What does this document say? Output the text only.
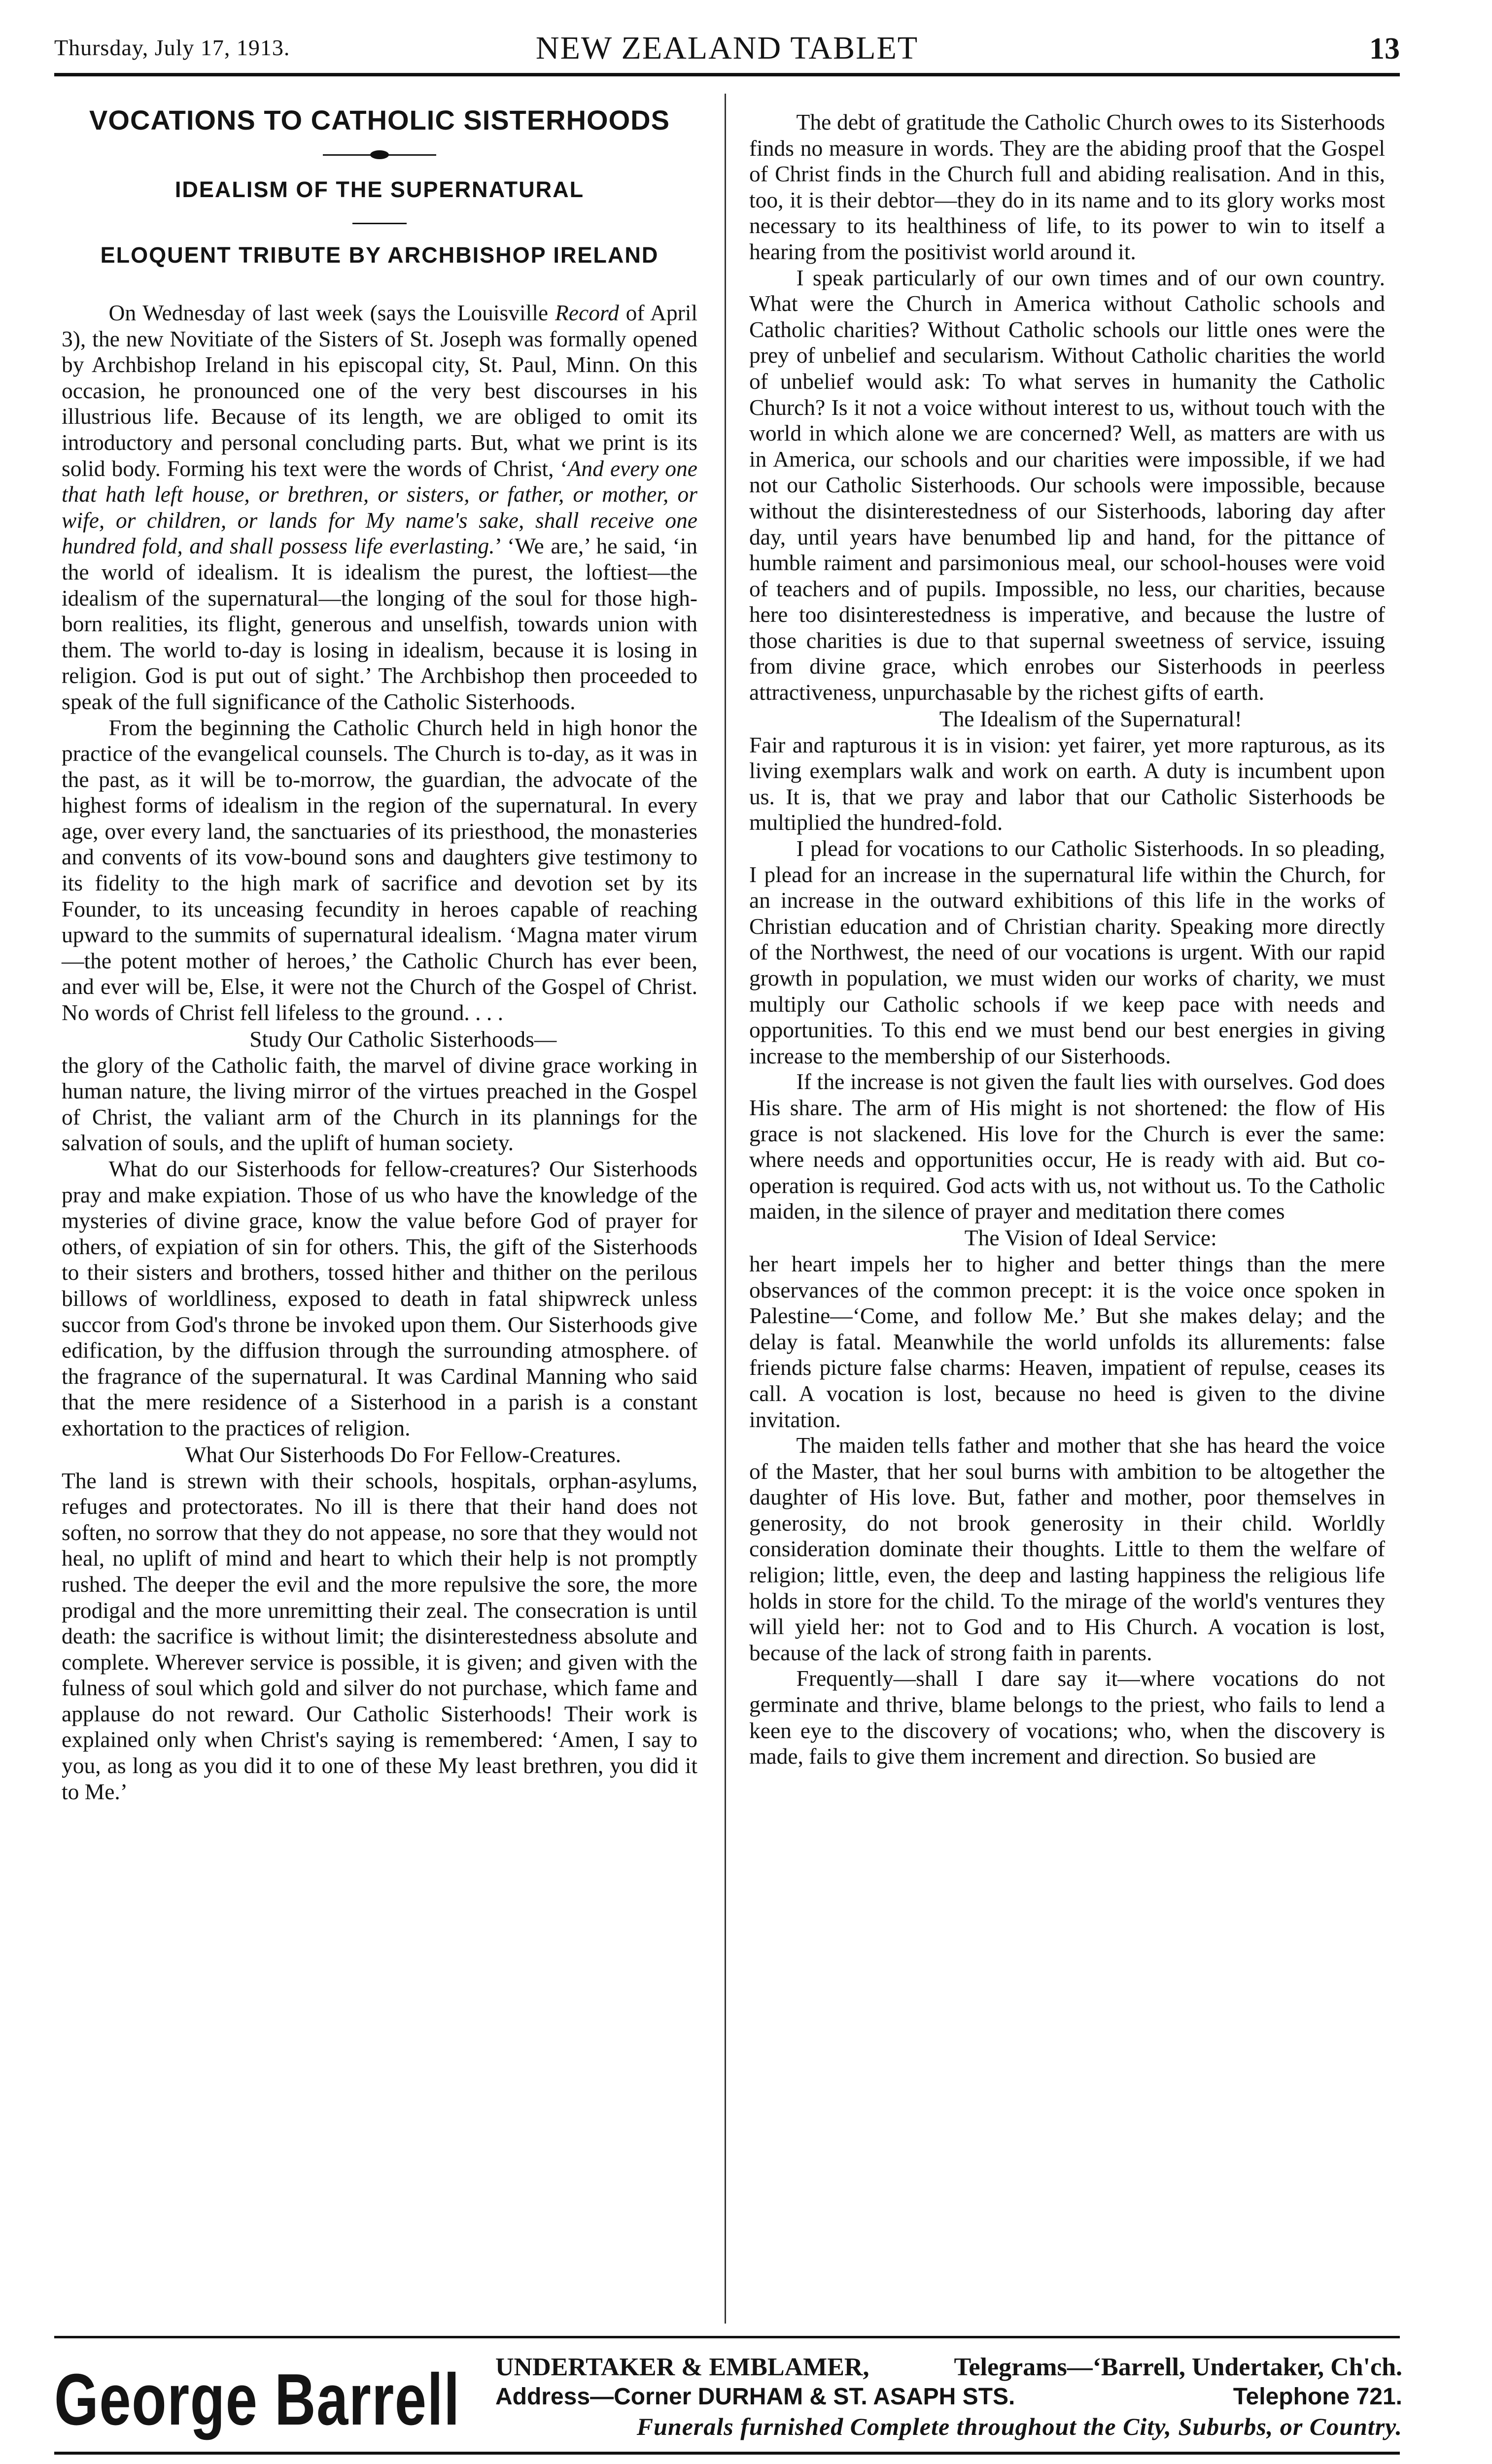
Thursday, July 17, 1913.	NEW ZEALAND TABLET	13
VOCATIONS TO CATHOLIC SISTERHOODS
IDEALISM OF THE SUPERNATURAL
ELOQUENT TRIBUTE BY ARCHBISHOP IRELAND

On Wednesday of last week (says the Louisville Record of April 3), the new Novitiate of the Sisters of St. Joseph was formally opened by Archbishop Ireland in his episcopal city, St. Paul, Minn. On this occasion, he pronounced one of the very best discourses in his illustrious life. Because of its length, we are obliged to omit its introductory and personal concluding parts. But, what we print is its solid body. Forming his text were the words of Christ, ‘And every one that hath left house, or brethren, or sisters, or father, or mother, or wife, or children, or lands for My name's sake, shall receive one hundred fold, and shall possess life everlasting.’ ‘We are,’ he said, ‘in the world of idealism. It is idealism the purest, the loftiest—the idealism of the supernatural—the longing of the soul for those high-born realities, its flight, generous and unselfish, towards union with them. The world to-day is losing in idealism, because it is losing in religion. God is put out of sight.’ The Archbishop then proceeded to speak of the full significance of the Catholic Sisterhoods.

From the beginning the Catholic Church held in high honor the practice of the evangelical counsels. The Church is to-day, as it was in the past, as it will be to-morrow, the guardian, the advocate of the highest forms of idealism in the region of the supernatural. In every age, over every land, the sanctuaries of its priesthood, the monasteries and convents of its vow-bound sons and daughters give testimony to its fidelity to the high mark of sacrifice and devotion set by its Founder, to its unceasing fecundity in heroes capable of reaching upward to the summits of supernatural idealism. ‘Magna mater virum—the potent mother of heroes,’ the Catholic Church has ever been, and ever will be, Else, it were not the Church of the Gospel of Christ. No words of Christ fell lifeless to the ground. . . .

Study Our Catholic Sisterhoods—

the glory of the Catholic faith, the marvel of divine grace working in human nature, the living mirror of the virtues preached in the Gospel of Christ, the valiant arm of the Church in its plannings for the salvation of souls, and the uplift of human society.

What do our Sisterhoods for fellow-creatures? Our Sisterhoods pray and make expiation. Those of us who have the knowledge of the mysteries of divine grace, know the value before God of prayer for others, of expiation of sin for others. This, the gift of the Sisterhoods to their sisters and brothers, tossed hither and thither on the perilous billows of worldliness, exposed to death in fatal shipwreck unless succor from God's throne be invoked upon them. Our Sisterhoods give edification, by the diffusion through the surrounding atmosphere. of the fragrance of the supernatural. It was Cardinal Manning who said that the mere residence of a Sisterhood in a parish is a constant exhortation to the practices of religion.

What Our Sisterhoods Do For Fellow-Creatures.

The land is strewn with their schools, hospitals, orphan-asylums, refuges and protectorates. No ill is there that their hand does not soften, no sorrow that they do not appease, no sore that they would not heal, no uplift of mind and heart to which their help is not promptly rushed. The deeper the evil and the more repulsive the sore, the more prodigal and the more unremitting their zeal. The consecration is until death: the sacrifice is without limit; the disinterestedness absolute and complete. Wherever service is possible, it is given; and given with the fulness of soul which gold and silver do not purchase, which fame and applause do not reward. Our Catholic Sisterhoods! Their work is explained only when Christ's saying is remembered: ‘Amen, I say to you, as long as you did it to one of these My least brethren, you did it to Me.’

The debt of gratitude the Catholic Church owes to its Sisterhoods finds no measure in words. They are the abiding proof that the Gospel of Christ finds in the Church full and abiding realisation. And in this, too, it is their debtor—they do in its name and to its glory works most necessary to its healthiness of life, to its power to win to itself a hearing from the positivist world around it.

I speak particularly of our own times and of our own country. What were the Church in America without Catholic schools and Catholic charities? Without Catholic schools our little ones were the prey of unbelief and secularism. Without Catholic charities the world of unbelief would ask: To what serves in humanity the Catholic Church? Is it not a voice without interest to us, without touch with the world in which alone we are concerned? Well, as matters are with us in America, our schools and our charities were impossible, if we had not our Catholic Sisterhoods. Our schools were impossible, because without the disinterestedness of our Sisterhoods, laboring day after day, until years have benumbed lip and hand, for the pittance of humble raiment and parsimonious meal, our school-houses were void of teachers and of pupils. Impossible, no less, our charities, because here too disinterestedness is imperative, and because the lustre of those charities is due to that supernal sweetness of service, issuing from divine grace, which enrobes our Sisterhoods in peerless attractiveness, unpurchasable by the richest gifts of earth.

The Idealism of the Supernatural!

Fair and rapturous it is in vision: yet fairer, yet more rapturous, as its living exemplars walk and work on earth. A duty is incumbent upon us. It is, that we pray and labor that our Catholic Sisterhoods be multiplied the hundred-fold.

I plead for vocations to our Catholic Sisterhoods. In so pleading, I plead for an increase in the supernatural life within the Church, for an increase in the outward exhibitions of this life in the works of Christian education and of Christian charity. Speaking more directly of the Northwest, the need of our vocations is urgent. With our rapid growth in population, we must widen our works of charity, we must multiply our Catholic schools if we keep pace with needs and opportunities. To this end we must bend our best energies in giving increase to the membership of our Sisterhoods.

If the increase is not given the fault lies with ourselves. God does His share. The arm of His might is not shortened: the flow of His grace is not slackened. His love for the Church is ever the same: where needs and opportunities occur, He is ready with aid. But co-operation is required. God acts with us, not without us. To the Catholic maiden, in the silence of prayer and meditation there comes

The Vision of Ideal Service:

her heart impels her to higher and better things than the mere observances of the common precept: it is the voice once spoken in Palestine—‘Come, and follow Me.’ But she makes delay; and the delay is fatal. Meanwhile the world unfolds its allurements: false friends picture false charms: Heaven, impatient of repulse, ceases its call. A vocation is lost, because no heed is given to the divine invitation.

The maiden tells father and mother that she has heard the voice of the Master, that her soul burns with ambition to be altogether the daughter of His love. But, father and mother, poor themselves in generosity, do not brook generosity in their child. Worldly consideration dominate their thoughts. Little to them the welfare of religion; little, even, the deep and lasting happiness the religious life holds in store for the child. To the mirage of the world's ventures they will yield her: not to God and to His Church. A vocation is lost, because of the lack of strong faith in parents.

Frequently—shall I dare say it—where vocations do not germinate and thrive, blame belongs to the priest, who fails to lend a keen eye to the discovery of vocations; who, when the discovery is made, fails to give them increment and direction. So busied are

George Barrell UNDERTAKER & EMBLAMER,	Telegrams—‘Barrell, Undertaker, Ch'ch.
Address—Corner DURHAM & ST. ASAPH STS.	Telephone 721.
Funerals furnished Complete throughout the City, Suburbs, or Country.
